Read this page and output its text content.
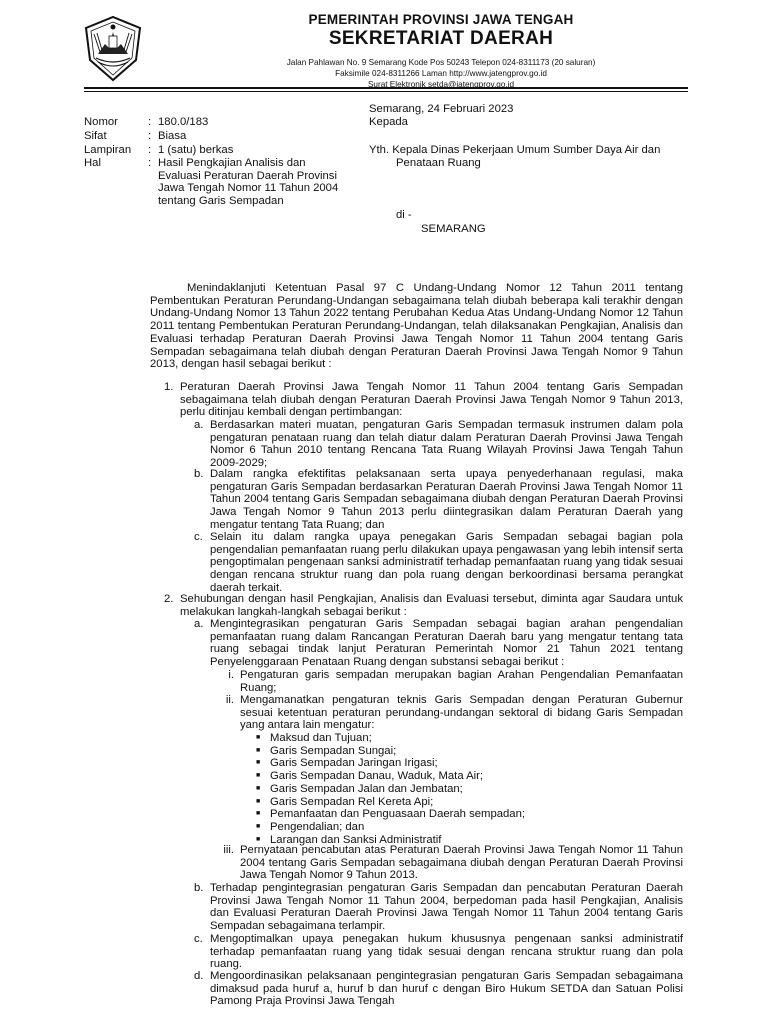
PEMERINTAH PROVINSI JAWA TENGAH
SEKRETARIAT DAERAH
Jalan Pahlawan No. 9 Semarang Kode Pos 50243 Telepon 024-8311173 (20 saluran)
Faksimile 024-8311266 Laman http://www.jatengprov.go.id
Surat Elektronik setda@jatengprov.go.id
Nomor	: 180.0/183
Sifat	: Biasa
Lampiran	: 1 (satu) berkas
Hal	: Hasil Pengkajian Analisis dan
Evaluasi Peraturan Daerah Provinsi
Jawa Tengah Nomor 11 Tahun 2004
tentang Garis Sempadan
Semarang, 24 Februari 2023
Kepada
Yth. Kepala Dinas Pekerjaan Umum Sumber Daya Air dan
Penataan Ruang
di -
SEMARANG
Menindaklanjuti Ketentuan Pasal 97 C Undang-Undang Nomor 12 Tahun 2011 tentang Pembentukan Peraturan Perundang-Undangan sebagaimana telah diubah beberapa kali terakhir dengan Undang-Undang Nomor 13 Tahun 2022 tentang Perubahan Kedua Atas Undang-Undang Nomor 12 Tahun 2011 tentang Pembentukan Peraturan Perundang-Undangan, telah dilaksanakan Pengkajian, Analisis dan Evaluasi terhadap Peraturan Daerah Provinsi Jawa Tengah Nomor 11 Tahun 2004 tentang Garis Sempadan sebagaimana telah diubah dengan Peraturan Daerah Provinsi Jawa Tengah Nomor 9 Tahun 2013, dengan hasil sebagai berikut :
1. Peraturan Daerah Provinsi Jawa Tengah Nomor 11 Tahun 2004 tentang Garis Sempadan sebagaimana telah diubah dengan Peraturan Daerah Provinsi Jawa Tengah Nomor 9 Tahun 2013, perlu ditinjau kembali dengan pertimbangan:
a. Berdasarkan materi muatan, pengaturan Garis Sempadan termasuk instrumen dalam pola pengaturan penataan ruang dan telah diatur dalam Peraturan Daerah Provinsi Jawa Tengah Nomor 6 Tahun 2010 tentang Rencana Tata Ruang Wilayah Provinsi Jawa Tengah Tahun 2009-2029;
b. Dalam rangka efektifitas pelaksanaan serta upaya penyederhanaan regulasi, maka pengaturan Garis Sempadan berdasarkan Peraturan Daerah Provinsi Jawa Tengah Nomor 11 Tahun 2004 tentang Garis Sempadan sebagaimana diubah dengan Peraturan Daerah Provinsi Jawa Tengah Nomor 9 Tahun 2013 perlu diintegrasikan dalam Peraturan Daerah yang mengatur tentang Tata Ruang; dan
c. Selain itu dalam rangka upaya penegakan Garis Sempadan sebagai bagian pola pengendalian pemanfaatan ruang perlu dilakukan upaya pengawasan yang lebih intensif serta pengoptimalan pengenaan sanksi administratif terhadap pemanfaatan ruang yang tidak sesuai dengan rencana struktur ruang dan pola ruang dengan berkoordinasi bersama perangkat daerah terkait.
2. Sehubungan dengan hasil Pengkajian, Analisis dan Evaluasi tersebut, diminta agar Saudara untuk melakukan langkah-langkah sebagai berikut :
a. Mengintegrasikan pengaturan Garis Sempadan sebagai bagian arahan pengendalian pemanfaatan ruang dalam Rancangan Peraturan Daerah baru yang mengatur tentang tata ruang sebagai tindak lanjut Peraturan Pemerintah Nomor 21 Tahun 2021 tentang Penyelenggaraan Penataan Ruang dengan substansi sebagai berikut :
i. Pengaturan garis sempadan merupakan bagian Arahan Pengendalian Pemanfaatan Ruang;
ii. Mengamanatkan pengaturan teknis Garis Sempadan dengan Peraturan Gubernur sesuai ketentuan peraturan perundang-undangan sektoral di bidang Garis Sempadan yang antara lain mengatur:
■ Maksud dan Tujuan;
■ Garis Sempadan Sungai;
■ Garis Sempadan Jaringan Irigasi;
■ Garis Sempadan Danau, Waduk, Mata Air;
■ Garis Sempadan Jalan dan Jembatan;
■ Garis Sempadan Rel Kereta Api;
■ Pemanfaatan dan Penguasaan Daerah sempadan;
■ Pengendalian; dan
■ Larangan dan Sanksi Administratif
iii. Pernyataan pencabutan atas Peraturan Daerah Provinsi Jawa Tengah Nomor 11 Tahun 2004 tentang Garis Sempadan sebagaimana diubah dengan Peraturan Daerah Provinsi Jawa Tengah Nomor 9 Tahun 2013.
b. Terhadap pengintegrasian pengaturan Garis Sempadan dan pencabutan Peraturan Daerah Provinsi Jawa Tengah Nomor 11 Tahun 2004, berpedoman pada hasil Pengkajian, Analisis dan Evaluasi Peraturan Daerah Provinsi Jawa Tengah Nomor 11 Tahun 2004 tentang Garis Sempadan sebagaimana terlampir.
c. Mengoptimalkan upaya penegakan hukum khususnya pengenaan sanksi administratif terhadap pemanfaatan ruang yang tidak sesuai dengan rencana struktur ruang dan pola ruang.
d. Mengoordinasikan pelaksanaan pengintegrasian pengaturan Garis Sempadan sebagaimana dimaksud pada huruf a, huruf b dan huruf c dengan Biro Hukum SETDA dan Satuan Polisi Pamong Praja Provinsi Jawa Tengah
